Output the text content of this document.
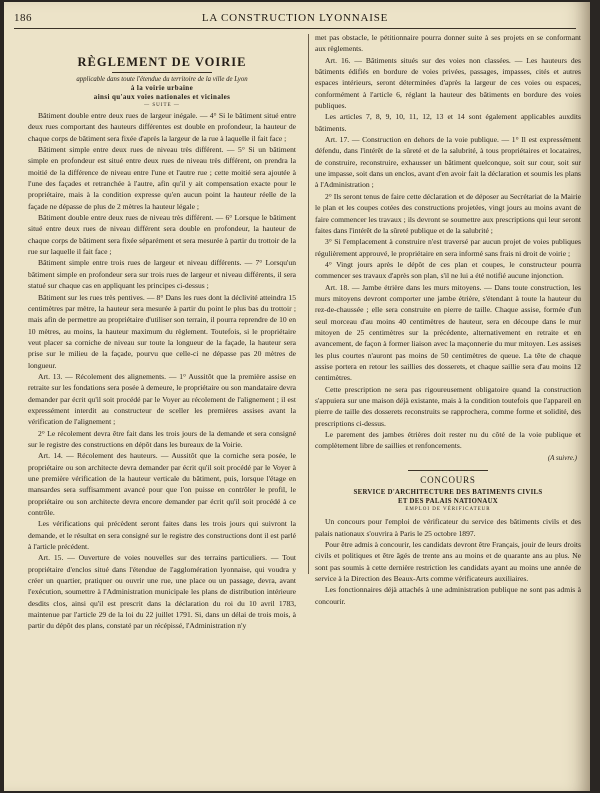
186	LA CONSTRUCTION LYONNAISE
RÈGLEMENT DE VOIRIE
applicable dans toute l'étendue du territoire de la ville de Lyon
à la voirie urbaine
ainsi qu'aux voies nationales et vicinales
— SUITE —

Bâtiment double entre deux rues de largeur inégale. — 4° Si le bâtiment situé entre deux rues comportant des hauteurs différentes est double en profondeur, la hauteur de chaque corps de bâtiment sera fixée d'après la largeur de la rue à laquelle il fait face ;

Bâtiment simple entre deux rues de niveau très différent. — 5° Si un bâtiment simple en profondeur est situé entre deux rues de niveau très différent, on prendra la moitié de la différence de niveau entre l'une et l'autre rue ; cette moitié sera ajoutée à l'une des façades et retranchée à l'autre, afin qu'il y ait compensation exacte pour le propriétaire, mais à la condition expresse qu'en aucun point la hauteur réelle de la façade ne dépasse de plus de 2 mètres la hauteur légale ;

Bâtiment double entre deux rues de niveau très différent. — 6° Lorsque le bâtiment situé entre deux rues de niveau différent sera double en profondeur, la hauteur de chaque corps de bâtiment sera fixée séparément et sera mesurée à partir du trottoir de la rue sur laquelle il fait face ;

Bâtiment simple entre trois rues de largeur et niveau différents. — 7° Lorsqu'un bâtiment simple en profondeur sera sur trois rues de largeur et niveau différents, il sera statué sur chaque cas en appliquant les principes ci-dessus ;

Bâtiment sur les rues très pentives. — 8° Dans les rues dont la déclivité atteindra 15 centimètres par mètre, la hauteur sera mesurée à partir du point le plus bas du trottoir ; mais afin de permettre au propriétaire d'utiliser son terrain, il pourra reprendre de 10 en 10 mètres, au moins, la hauteur maximum du règlement. Toutefois, si le propriétaire veut placer sa corniche de niveau sur toute la longueur de la façade, la hauteur sera prise sur le milieu de la façade, pourvu que celle-ci ne dépasse pas 20 mètres de longueur.

Art. 13. — Récolement des alignements. — 1° Aussitôt que la première assise en retraite sur les fondations sera posée à demeure, le propriétaire ou son mandataire devra demander par écrit qu'il soit procédé par le Voyer au récolement de l'alignement ; il est expressément interdit au constructeur de sceller les premières assises avant la vérification de l'alignement ;

2° Le récolement devra être fait dans les trois jours de la demande et sera consigné sur le registre des constructions en dépôt dans les bureaux de la Voirie.

Art. 14. — Récolement des hauteurs. — Aussitôt que la corniche sera posée, le propriétaire ou son architecte devra demander par écrit qu'il soit procédé par le Voyer à une première vérification de la hauteur verticale du bâtiment, puis, lorsque l'étage en mansardes sera suffisamment avancé pour que l'on puisse en contrôler le profil, le propriétaire ou son architecte devra encore demander par écrit qu'il soit procédé à ce contrôle.

Les vérifications qui précèdent seront faites dans les trois jours qui suivront la demande, et le résultat en sera consigné sur le registre des constructions dont il est parlé à l'article précédent.

Art. 15. — Ouverture de voies nouvelles sur des terrains particuliers. — Tout propriétaire d'enclos situé dans l'étendue de l'agglomération lyonnaise, qui voudra y créer un quartier, pratiquer ou ouvrir une rue, une place ou un passage, devra, avant l'exécution, soumettre à l'Administration municipale les plans de distribution intérieure desdits clos, ainsi qu'il est prescrit dans la déclaration du roi du 10 avril 1783, maintenue par l'article 29 de la loi du 22 juillet 1791. Si, dans un délai de trois mois, à partir du dépôt des plans, constaté par un récépissé, l'Administration n'y

met pas obstacle, le pétitionnaire pourra donner suite à ses projets en se conformant aux règlements.

Art. 16. — Bâtiments situés sur des voies non classées. — Les hauteurs des bâtiments édifiés en bordure de voies privées, passages, impasses, cités et autres espaces intérieurs, seront déterminées d'après la largeur de ces voies ou espaces, conformément à l'article 6, réglant la hauteur des bâtiments en bordure des voies publiques.

Les articles 7, 8, 9, 10, 11, 12, 13 et 14 sont également applicables auxdits bâtiments.

Art. 17. — Construction en dehors de la voie publique. — 1° Il est expressément défendu, dans l'intérêt de la sûreté et de la salubrité, à tous propriétaires et locataires, de construire, reconstruire, exhausser un bâtiment quelconque, soit sur cour, soit sur une impasse, soit dans un enclos, avant d'en avoir fait la déclaration et soumis les plans à l'Administration ;

2° Ils seront tenus de faire cette déclaration et de déposer au Secrétariat de la Mairie le plan et les coupes cotées des constructions projetées, vingt jours au moins avant de faire commencer les travaux ; ils devront se soumettre aux prescriptions qui leur seront faites dans l'intérêt de la sûreté publique et de la salubrité ;

3° Si l'emplacement à construire n'est traversé par aucun projet de voies publiques régulièrement approuvé, le propriétaire en sera informé sans frais ni droit de voirie ;

4° Vingt jours après le dépôt de ces plan et coupes, le constructeur pourra commencer ses travaux d'après son plan, s'il ne lui a été notifié aucune injonction.

Art. 18. — Jambe étrière dans les murs mitoyens. — Dans toute construction, les murs mitoyens devront comporter une jambe étrière, s'étendant à toute la hauteur du rez-de-chaussée ; elle sera construite en pierre de taille. Chaque assise, formée d'un seul morceau d'au moins 40 centimètres de hauteur, sera en découpe dans le mur mitoyen de 25 centimètres sur la précédente, alternativement en retraite et en avancement, de façon à former liaison avec la maçonnerie du mur mitoyen. Les assises les plus courtes n'auront pas moins de 50 centimètres de queue. La tête de chaque assise portera en retour les saillies des dosserets, et chaque saillie sera d'au moins 12 centimètres.

Cette prescription ne sera pas rigoureusement obligatoire quand la construction s'appuiera sur une maison déjà existante, mais à la condition toutefois que l'appareil en pierre de taille des dosserets reconstruits se rapprochera, comme forme et solidité, des prescriptions ci-dessus.

Le parement des jambes étrières doit rester nu du côté de la voie publique et complètement libre de saillies et renfoncements.

(A suivre.)
CONCOURS
SERVICE D'ARCHITECTURE DES BATIMENTS CIVILS
ET DES PALAIS NATIONAUX
EMPLOI DE VÉRIFICATEUR

Un concours pour l'emploi de vérificateur du service des bâtiments civils et des palais nationaux s'ouvrira à Paris le 25 octobre 1897.

Pour être admis à concourir, les candidats devront être Français, jouir de leurs droits civils et politiques et être âgés de trente ans au moins et de quarante ans au plus. Ne sont pas soumis à cette dernière restriction les candidats ayant au moins une année de service à la Direction des Beaux-Arts comme vérificateurs auxiliaires.

Les fonctionnaires déjà attachés à une administration publique ne sont pas admis à concourir.
